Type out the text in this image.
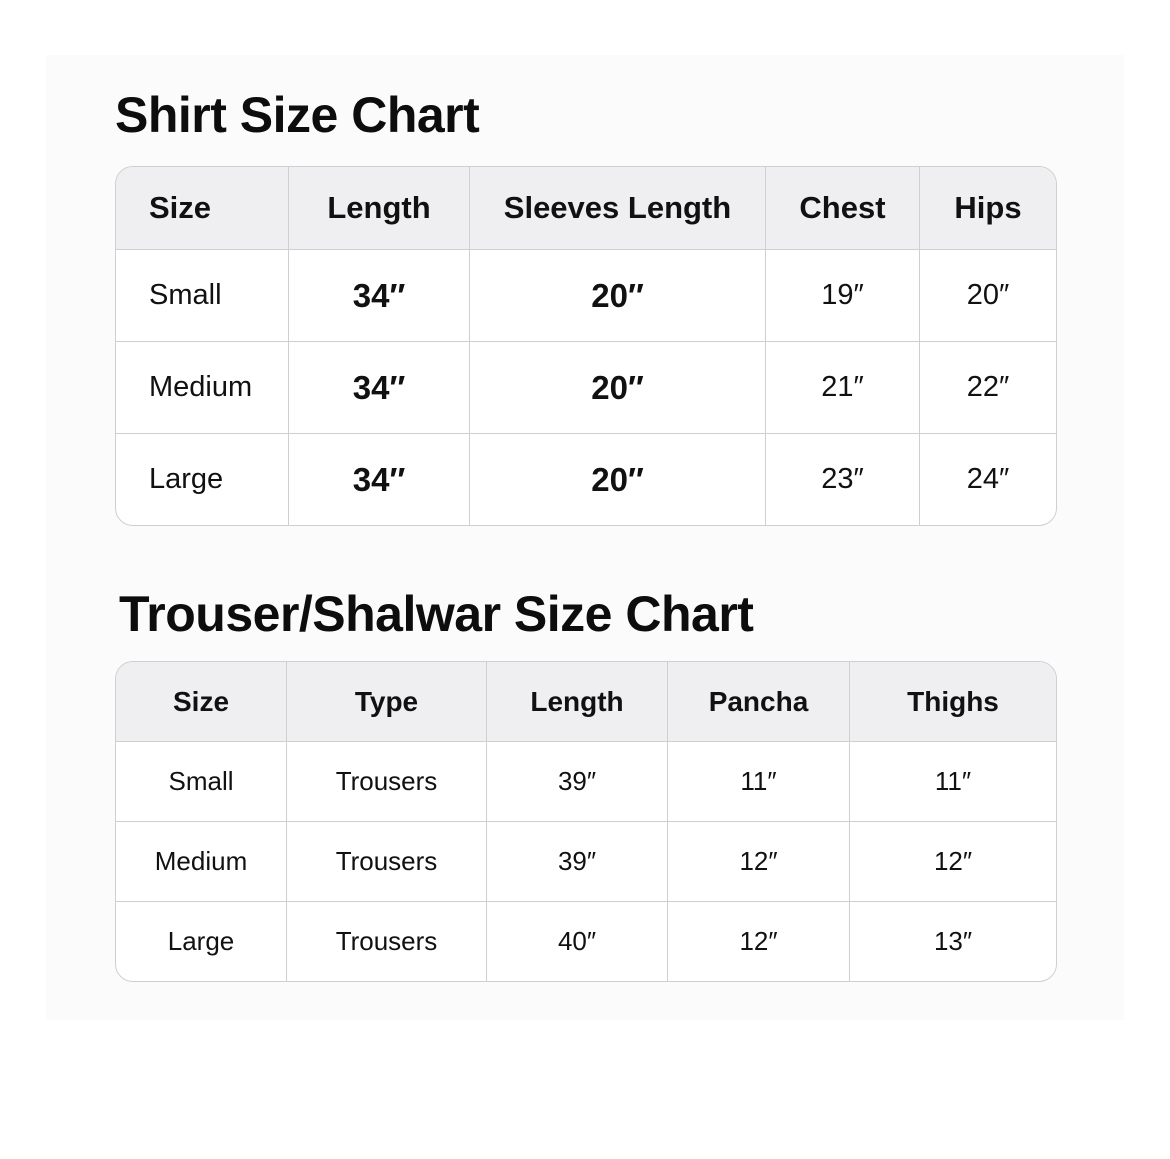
Shirt Size Chart
Size	Length	Sleeves Length	Chest	Hips
Small	34″	20″	19″	20″
Medium	34″	20″	21″	22″
Large	34″	20″	23″	24″
Trouser/Shalwar Size Chart
Size	Type	Length	Pancha	Thighs
Small	Trousers	39″	11″	11″
Medium	Trousers	39″	12″	12″
Large	Trousers	40″	12″	13″
